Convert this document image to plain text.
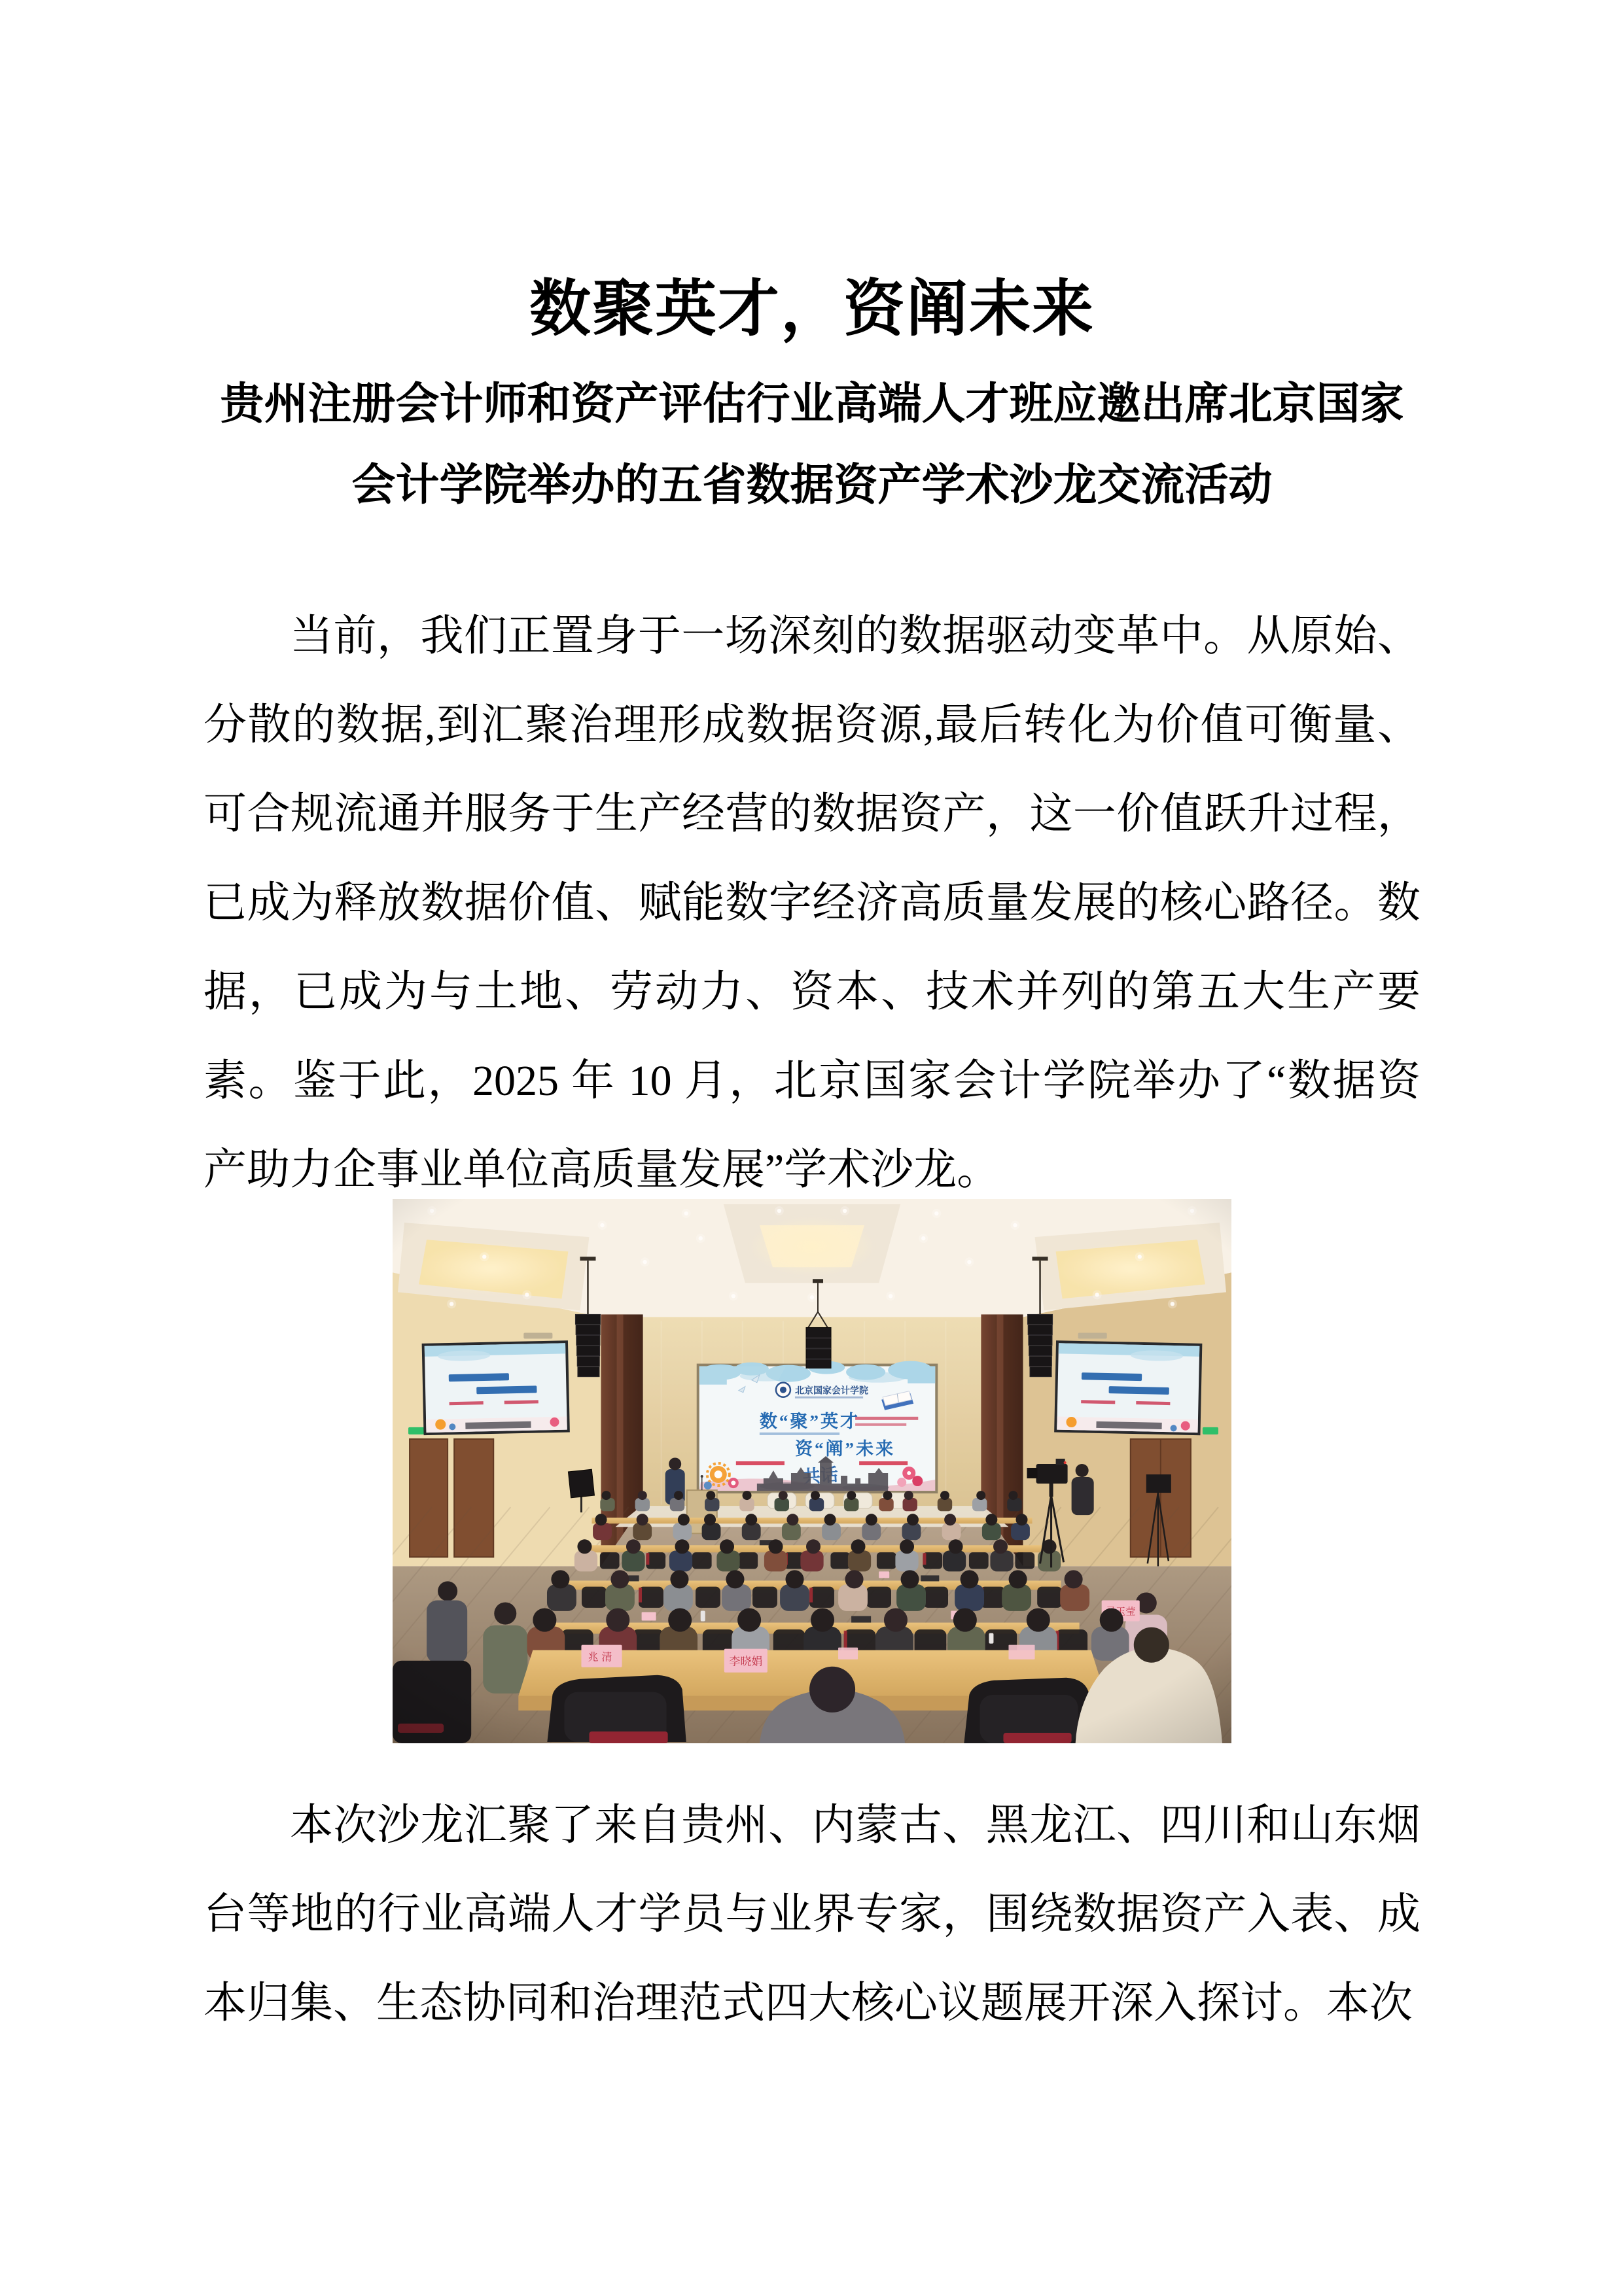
数聚英才，资阐未来
贵州注册会计师和资产评估行业高端人才班应邀出席北京国家
会计学院举办的五省数据资产学术沙龙交流活动
当前，我们正置身于一场深刻的数据驱动变革中。从原始、分散的数据,到汇聚治理形成数据资源,最后转化为价值可衡量、可合规流通并服务于生产经营的数据资产，这一价值跃升过程，已成为释放数据价值、赋能数字经济高质量发展的核心路径。数据，已成为与土地、劳动力、资本、技术并列的第五大生产要素。鉴于此，2025 年 10 月，北京国家会计学院举办了“数据资产助力企事业单位高质量发展”学术沙龙。
本次沙龙汇聚了来自贵州、内蒙古、黑龙江、四川和山东烟台等地的行业高端人才学员与业界专家，围绕数据资产入表、成本归集、生态协同和治理范式四大核心议题展开深入探讨。本次
